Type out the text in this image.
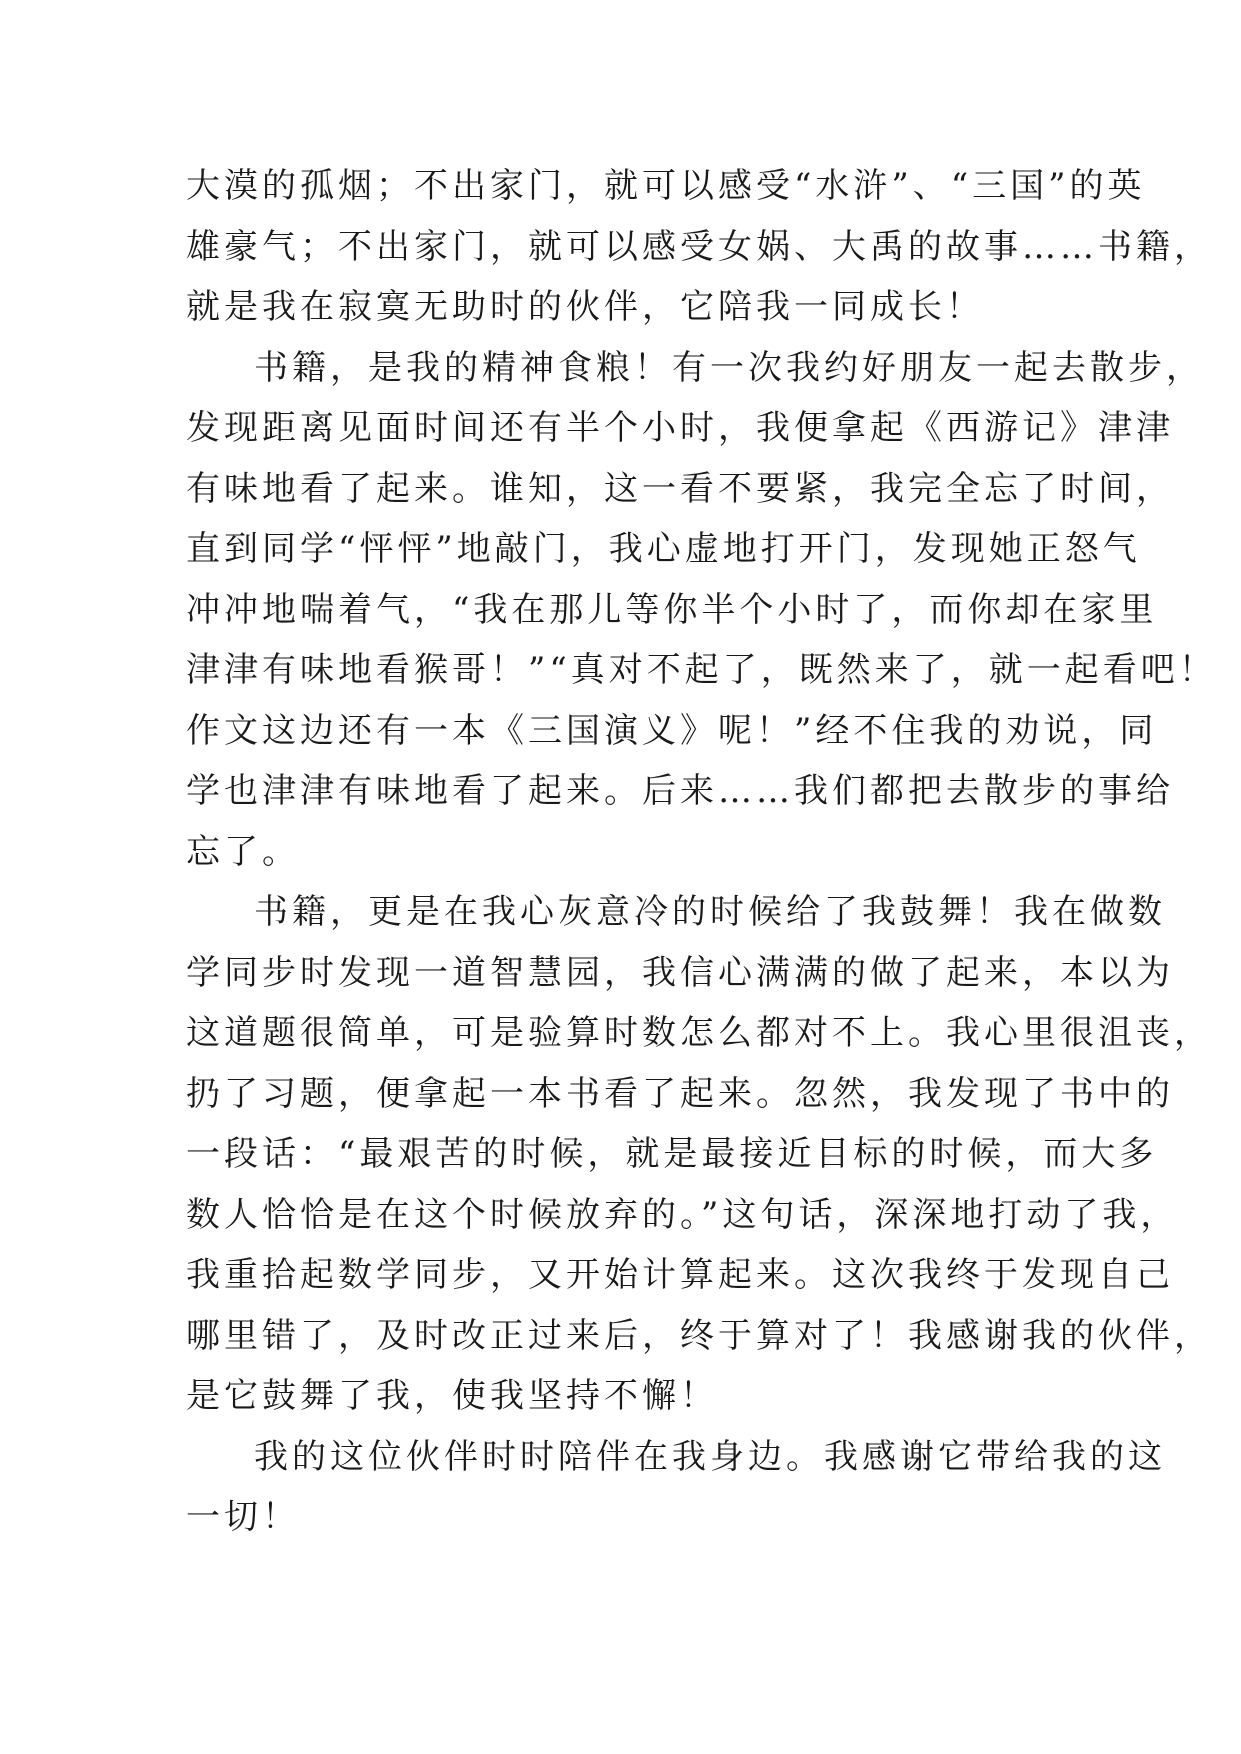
大漠的孤烟；不出家门，就可以感受“水浒”、“三国”的英
雄豪气；不出家门，就可以感受女娲、大禹的故事……书籍，
就是我在寂寞无助时的伙伴，它陪我一同成长！
书籍，是我的精神食粮！有一次我约好朋友一起去散步，
发现距离见面时间还有半个小时，我便拿起《西游记》津津
有味地看了起来。谁知，这一看不要紧，我完全忘了时间，
直到同学“怦怦”地敲门，我心虚地打开门，发现她正怒气
冲冲地喘着气，“我在那儿等你半个小时了，而你却在家里
津津有味地看猴哥！”“真对不起了，既然来了，就一起看吧！
作文这边还有一本《三国演义》呢！”经不住我的劝说，同
学也津津有味地看了起来。后来……我们都把去散步的事给
忘了。
书籍，更是在我心灰意冷的时候给了我鼓舞！我在做数
学同步时发现一道智慧园，我信心满满的做了起来，本以为
这道题很简单，可是验算时数怎么都对不上。我心里很沮丧，
扔了习题，便拿起一本书看了起来。忽然，我发现了书中的
一段话：“最艰苦的时候，就是最接近目标的时候，而大多
数人恰恰是在这个时候放弃的。”这句话，深深地打动了我，
我重拾起数学同步，又开始计算起来。这次我终于发现自己
哪里错了，及时改正过来后，终于算对了！我感谢我的伙伴，
是它鼓舞了我，使我坚持不懈！
我的这位伙伴时时陪伴在我身边。我感谢它带给我的这
一切！
